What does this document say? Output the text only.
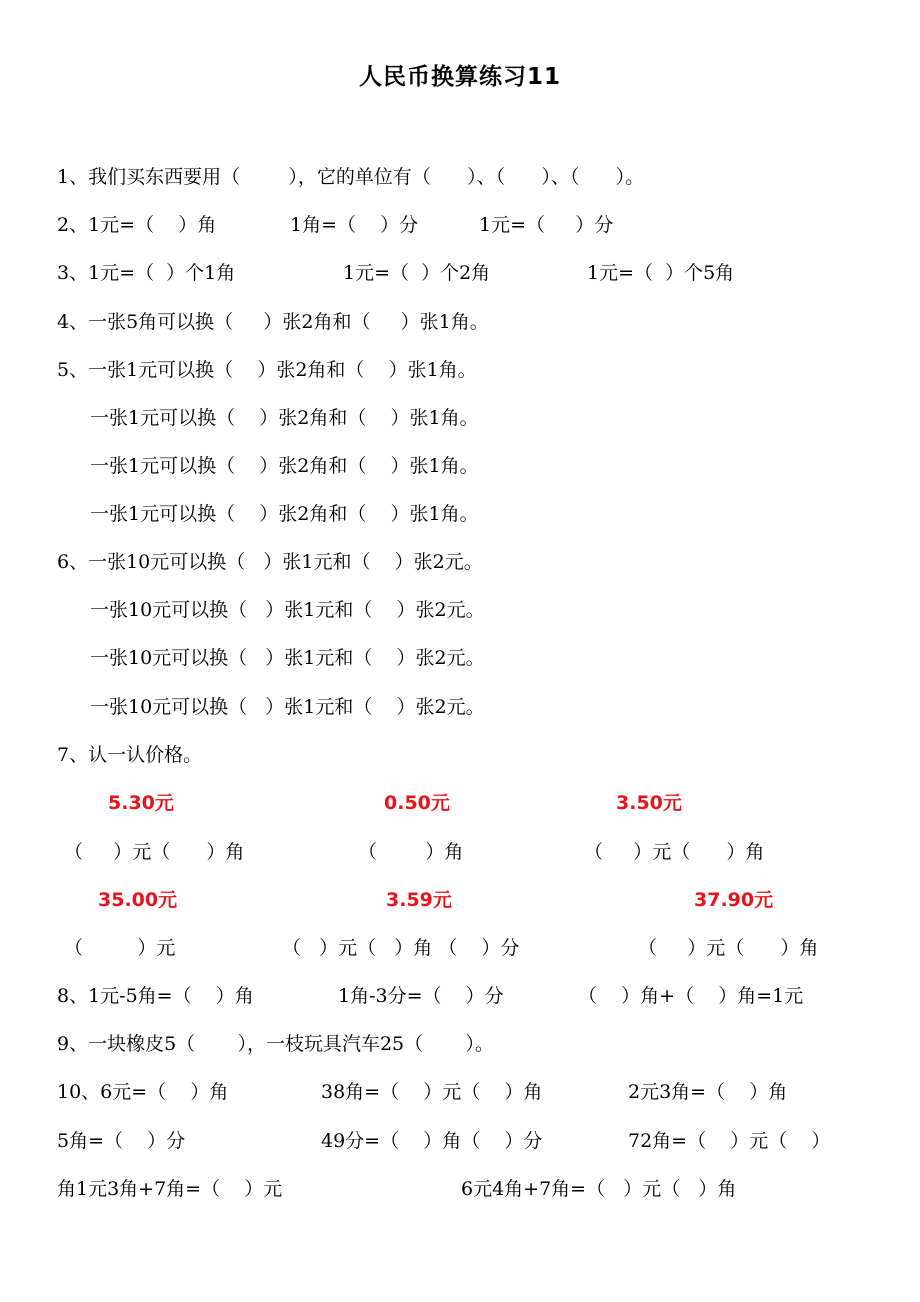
人民币换算练习11
1、我们买东西要用（        ），它的单位有（      ）、（      ）、（      ）。
2、1元=（    ）角	1角=（    ）分	1元=（     ）分
3、1元=（  ）个1角	1元=（  ）个2角	1元=（  ）个5角
4、一张5角可以换（     ）张2角和（     ）张1角。
5、一张1元可以换（    ）张2角和（    ）张1角。
一张1元可以换（    ）张2角和（    ）张1角。
一张1元可以换（    ）张2角和（    ）张1角。
一张1元可以换（    ）张2角和（    ）张1角。
6、一张10元可以换（   ）张1元和（    ）张2元。
一张10元可以换（   ）张1元和（    ）张2元。
一张10元可以换（   ）张1元和（    ）张2元。
一张10元可以换（   ）张1元和（    ）张2元。
7、认一认价格。
5.30元	0.50元	3.50元
（     ）元（      ）角	（        ）角	（     ）元（      ）角
35.00元	3.59元	37.90元
（         ）元	（   ）元（   ）角 （    ）分	（     ）元（      ）角
8、1元-5角=（    ）角	1角-3分=（    ）分	（    ）角+（    ）角=1元
9、一块橡皮5（       ），一枝玩具汽车25（       ）。
10、6元=（    ）角	38角=（    ）元（    ）角	2元3角=（    ）角
5角=（    ）分	49分=（    ）角（    ）分	72角=（    ）元（    ）
角1元3角+7角=（    ）元	6元4角+7角=（   ）元（   ）角
